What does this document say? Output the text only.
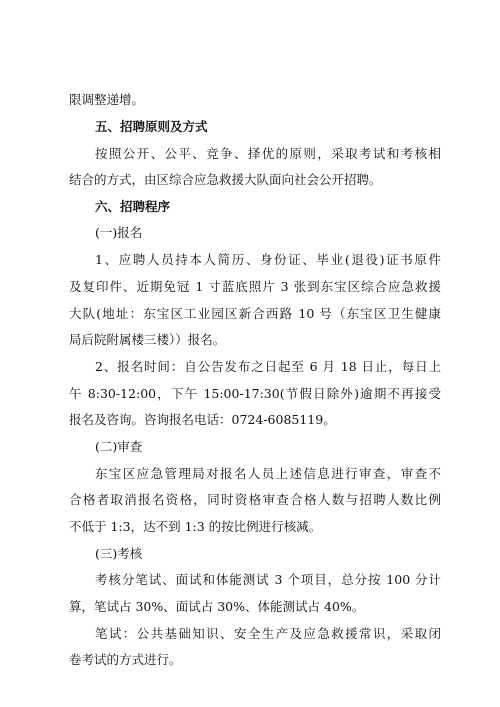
限调整递增。
五、招聘原则及方式
按照公开、公平、竞争、择优的原则，采取考试和考核相
结合的方式，由区综合应急救援大队面向社会公开招聘。
六、招聘程序
(一)报名
1、应聘人员持本人简历、身份证、毕业(退役)证书原件
及复印件、近期免冠 1 寸蓝底照片 3 张到东宝区综合应急救援
大队(地址：东宝区工业园区新合西路 10 号（东宝区卫生健康
局后院附属楼三楼））报名。
2、报名时间：自公告发布之日起至 6 月 18 日止，每日上
午 8:30-12:00，下午 15:00-17:30(节假日除外)逾期不再接受
报名及咨询。咨询报名电话：0724-6085119。
(二)审查
东宝区应急管理局对报名人员上述信息进行审查，审查不
合格者取消报名资格，同时资格审查合格人数与招聘人数比例
不低于 1:3，达不到 1:3 的按比例进行核减。
(三)考核
考核分笔试、面试和体能测试 3 个项目，总分按 100 分计
算，笔试占 30%、面试占 30%、体能测试占 40%。
笔试：公共基础知识、安全生产及应急救援常识，采取闭
卷考试的方式进行。
